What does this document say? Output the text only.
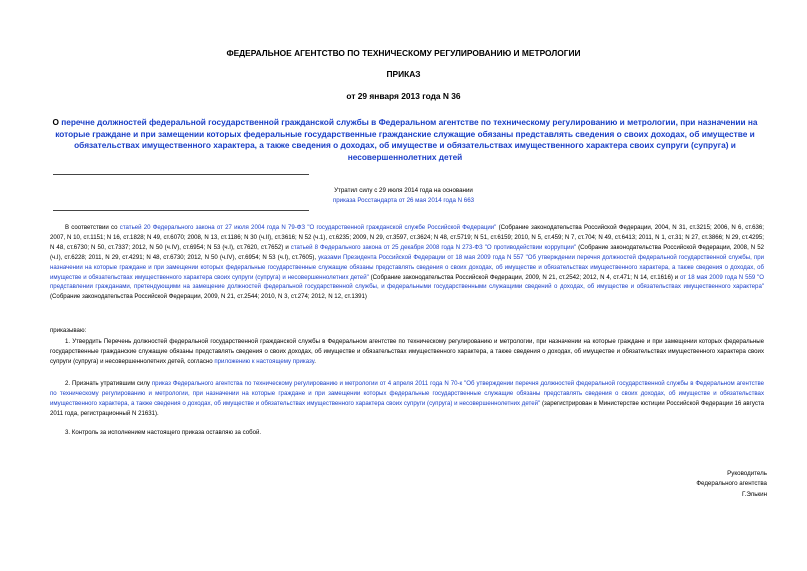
ФЕДЕРАЛЬНОЕ АГЕНТСТВО ПО ТЕХНИЧЕСКОМУ РЕГУЛИРОВАНИЮ И МЕТРОЛОГИИ
ПРИКАЗ
от 29 января 2013 года N 36
О перечне должностей федеральной государственной гражданской службы в Федеральном агентстве по техническому регулированию и метрологии, при назначении на которые граждане и при замещении которых федеральные государственные гражданские служащие обязаны представлять сведения о своих доходах, об имуществе и обязательствах имущественного характера, а также сведения о доходах, об имуществе и обязательствах имущественного характера своих супруги (супруга) и несовершеннолетних детей
Утратил силу с 29 июля 2014 года на основании
приказа Росстандарта от 26 мая 2014 года N 663
В соответствии со статьей 20 Федерального закона от 27 июля 2004 года N 79-ФЗ "О государственной гражданской службе Российской Федерации" (Собрание законодательства Российской Федерации, 2004, N 31, ст.3215; 2006, N 6, ст.636; 2007, N 10, ст.1151; N 16, ст.1828; N 49, ст.6070; 2008, N 13, ст.1186; N 30 (ч.II), ст.3616; N 52 (ч.1), ст.6235; 2009, N 29, ст.3597, ст.3624; N 48, ст.5719; N 51, ст.6159; 2010, N 5, ст.459; N 7, ст.704; N 49, ст.6413; 2011, N 1, ст.31; N 27, ст.3866; N 29, ст.4295; N 48, ст.6730; N 50, ст.7337; 2012, N 50 (ч.IV), ст.6954; N 53 (ч.I), ст.7620, ст.7652) и статьей 8 Федерального закона от 25 декабря 2008 года N 273-ФЗ "О противодействии коррупции" (Собрание законодательства Российской Федерации, 2008, N 52 (ч.I), ст.6228; 2011, N 29, ст.4291; N 48, ст.6730; 2012, N 50 (ч.IV), ст.6954; N 53 (ч.I), ст.7605), указами Президента Российской Федерации от 18 мая 2009 года N 557 "Об утверждении перечня должностей федеральной государственной службы, при назначении на которые граждане и при замещении которых федеральные государственные служащие обязаны представлять сведения о своих доходах, об имуществе и обязательствах имущественного характера, а также сведения о доходах, об имуществе и обязательствах имущественного характера своих супруги (супруга) и несовершеннолетних детей" (Собрание законодательства Российской Федерации, 2009, N 21, ст.2542; 2012, N 4, ст.471; N 14, ст.1616) и от 18 мая 2009 года N 559 "О представлении гражданами, претендующими на замещение должностей федеральной государственной службы, и федеральными государственными служащими сведений о доходах, об имуществе и обязательствах имущественного характера" (Собрание законодательства Российской Федерации, 2009, N 21, ст.2544; 2010, N 3, ст.274; 2012, N 12, ст.1391)
приказываю:
1. Утвердить Перечень должностей федеральной государственной гражданской службы в Федеральном агентстве по техническому регулированию и метрологии, при назначении на которые граждане и при замещении которых федеральные государственные гражданские служащие обязаны представлять сведения о своих доходах, об имуществе и обязательствах имущественного характера, а также сведения о доходах, об имуществе и обязательствах имущественного характера своих супруги (супруга) и несовершеннолетних детей, согласно приложению к настоящему приказу.
2. Признать утратившим силу приказ Федерального агентства по техническому регулированию и метрологии от 4 апреля 2011 года N 70-к "Об утверждении перечня должностей федеральной государственной службы в Федеральном агентстве по техническому регулированию и метрологии, при назначении на которые граждане и при замещении которых федеральные государственные служащие обязаны представлять сведения о своих доходах, об имуществе и обязательствах имущественного характера, а также сведения о доходах, об имуществе и обязательствах имущественного характера своих супруги (супруга) и несовершеннолетних детей" (зарегистрирован в Министерстве юстиции Российской Федерации 16 августа 2011 года, регистрационный N 21631).
3. Контроль за исполнением настоящего приказа оставляю за собой.
Руководитель
Федерального агентства
Г.Элькин
